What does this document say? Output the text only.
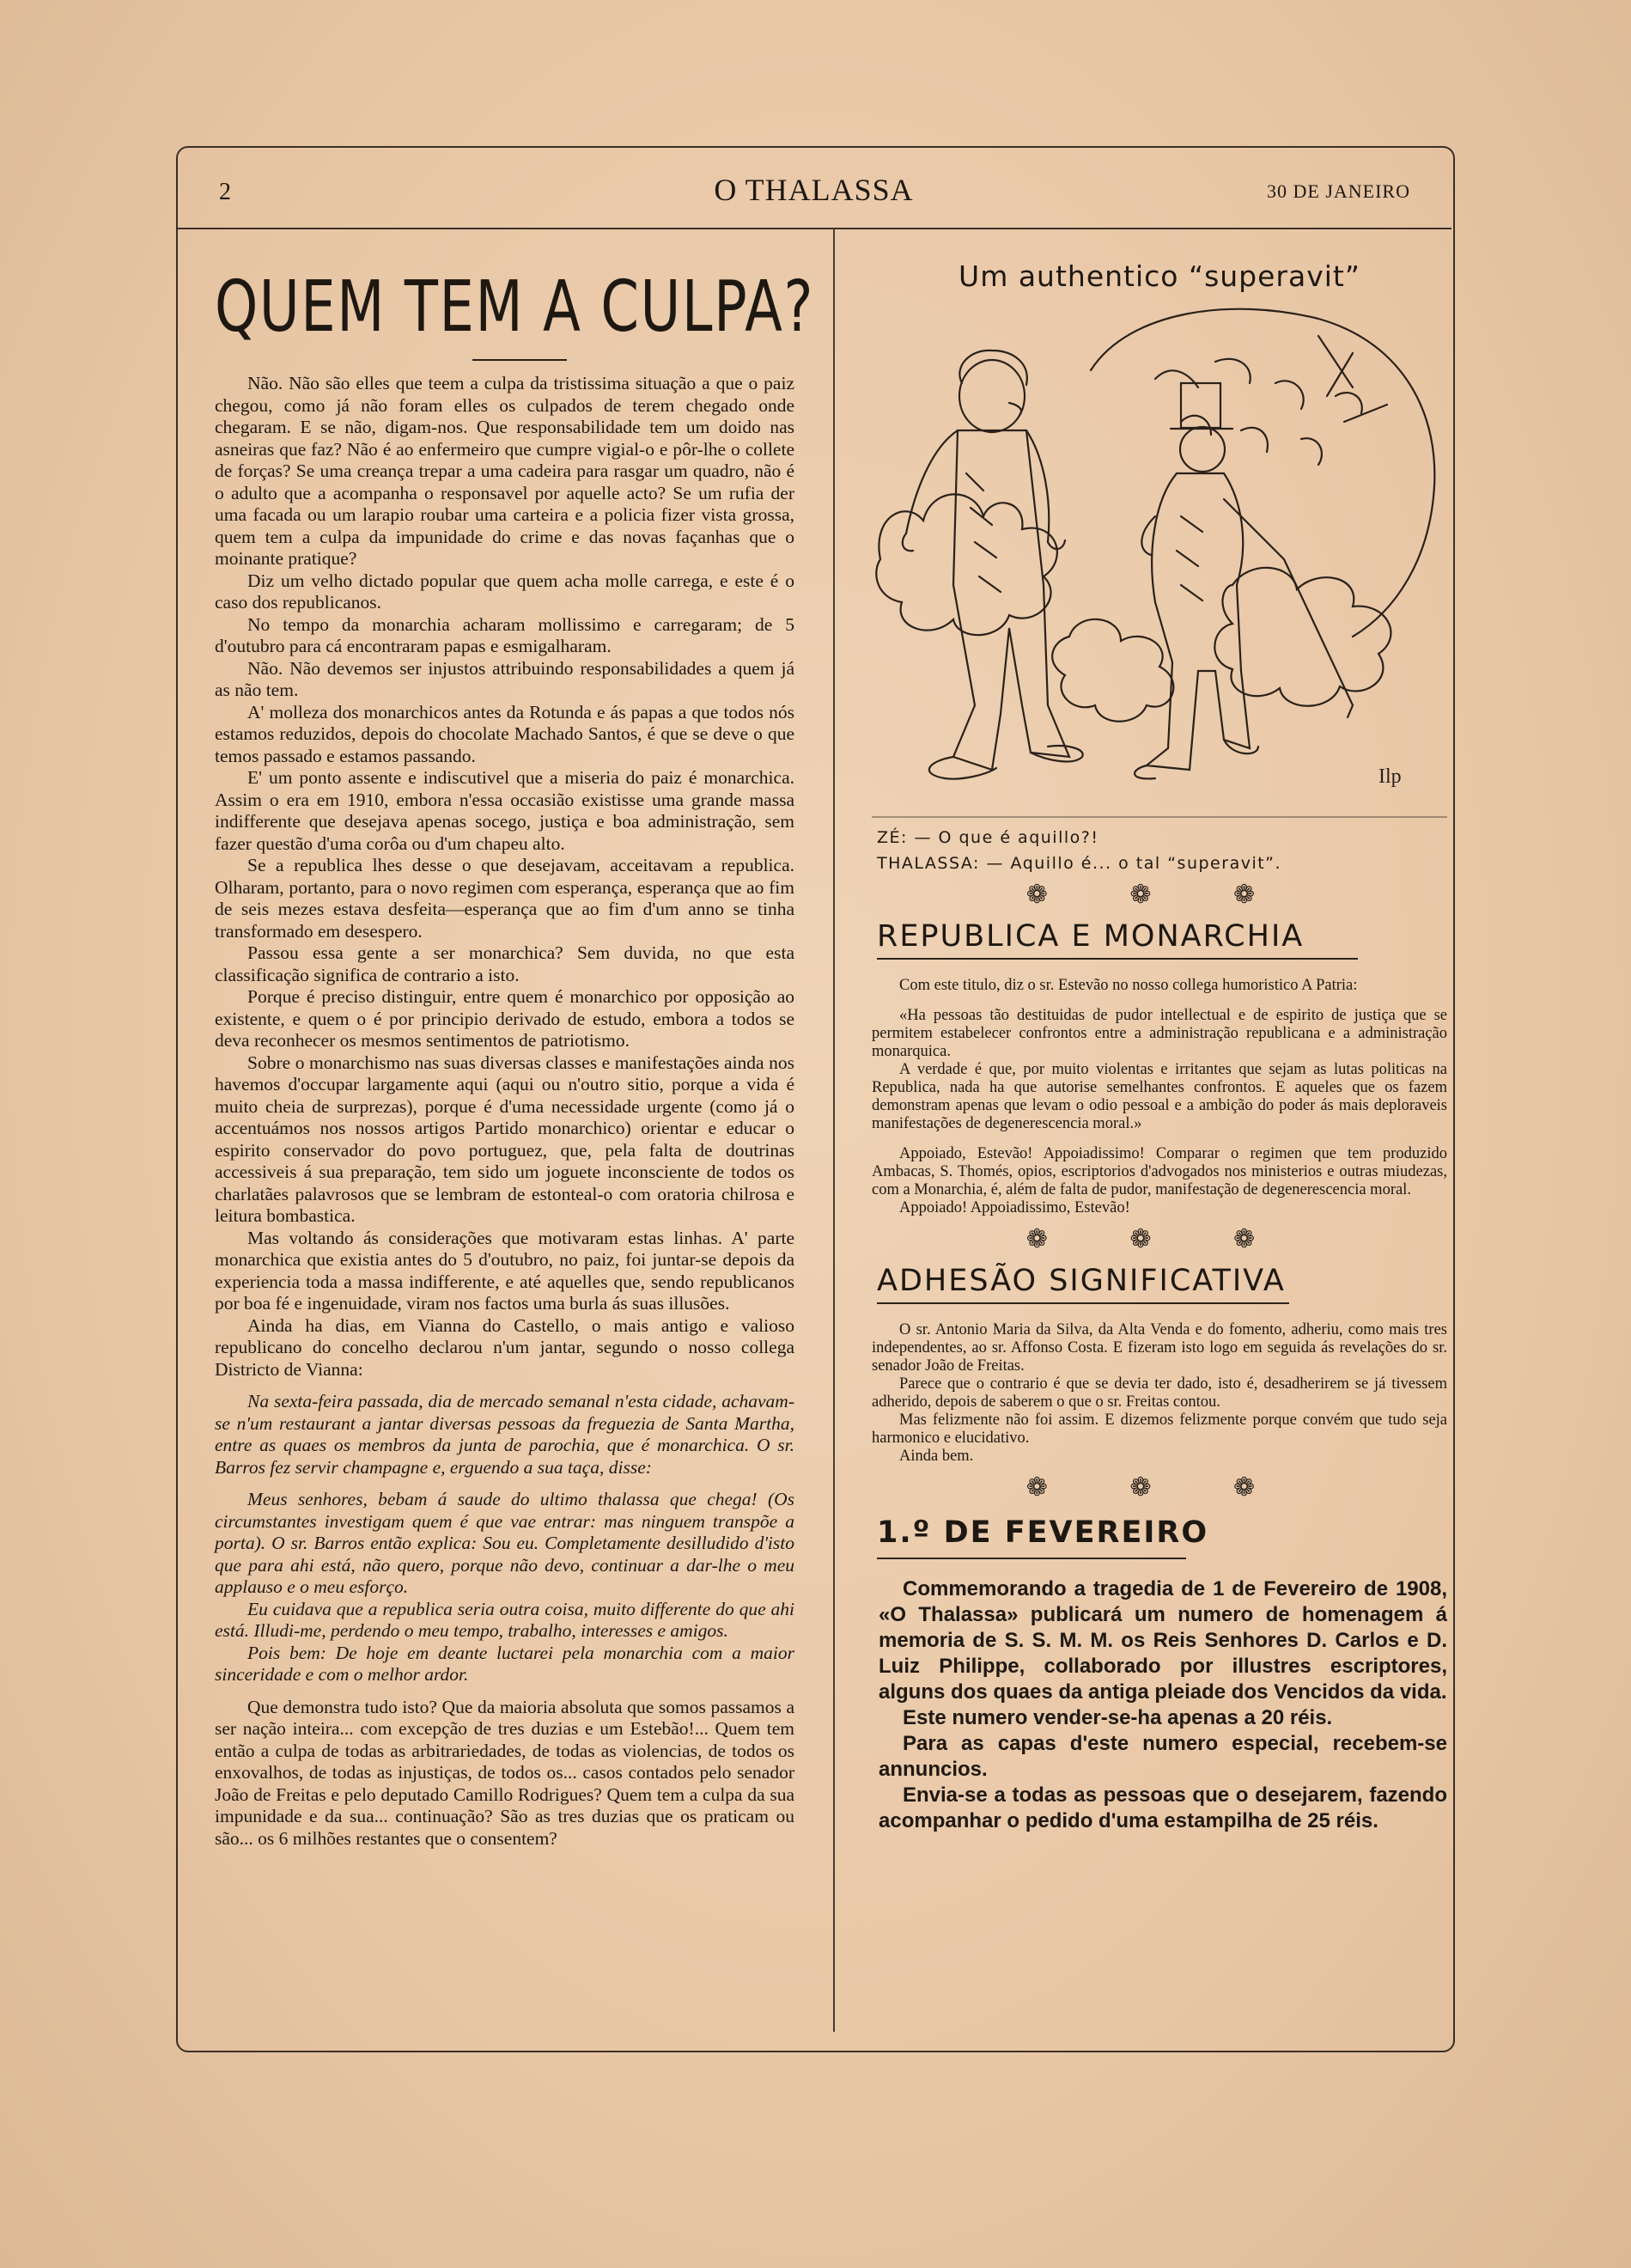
2	O THALASSA	30 DE JANEIRO
QUEM TEM A CULPA?

Não. Não são elles que teem a culpa da tristissima situação a que o paiz chegou, como já não foram elles os culpados de terem chegado onde chegaram. E se não, digam-nos. Que responsabilidade tem um doido nas asneiras que faz? Não é ao enfermeiro que cumpre vigial-o e pôr-lhe o collete de forças? Se uma creança trepar a uma cadeira para rasgar um quadro, não é o adulto que a acompanha o responsavel por aquelle acto? Se um rufia der uma facada ou um larapio roubar uma carteira e a policia fizer vista grossa, quem tem a culpa da impunidade do crime e das novas façanhas que o moinante pratique?

Diz um velho dictado popular que quem acha molle carrega, e este é o caso dos republicanos.

No tempo da monarchia acharam mollissimo e carregaram; de 5 d'outubro para cá encontraram papas e esmigalharam.

Não. Não devemos ser injustos attribuindo responsabilidades a quem já as não tem.

A' molleza dos monarchicos antes da Rotunda e ás papas a que todos nós estamos reduzidos, depois do chocolate Machado Santos, é que se deve o que temos passado e estamos passando.

E' um ponto assente e indiscutivel que a miseria do paiz é monarchica. Assim o era em 1910, embora n'essa occasião existisse uma grande massa indifferente que desejava apenas socego, justiça e boa administração, sem fazer questão d'uma corôa ou d'um chapeu alto.

Se a republica lhes desse o que desejavam, acceitavam a republica. Olharam, portanto, para o novo regimen com esperança, esperança que ao fim de seis mezes estava desfeita—esperança que ao fim d'um anno se tinha transformado em desespero.

Passou essa gente a ser monarchica? Sem duvida, no que esta classificação significa de contrario a isto.

Porque é preciso distinguir, entre quem é monarchico por opposição ao existente, e quem o é por principio derivado de estudo, embora a todos se deva reconhecer os mesmos sentimentos de patriotismo.

Sobre o monarchismo nas suas diversas classes e manifestações ainda nos havemos d'occupar largamente aqui (aqui ou n'outro sitio, porque a vida é muito cheia de surprezas), porque é d'uma necessidade urgente (como já o accentuámos nos nossos artigos Partido monarchico) orientar e educar o espirito conservador do povo portuguez, que, pela falta de doutrinas accessiveis á sua preparação, tem sido um joguete inconsciente de todos os charlatães palavrosos que se lembram de estonteal-o com oratoria chilrosa e leitura bombastica.

Mas voltando ás considerações que motivaram estas linhas. A' parte monarchica que existia antes do 5 d'outubro, no paiz, foi juntar-se depois da experiencia toda a massa indifferente, e até aquelles que, sendo republicanos por boa fé e ingenuidade, viram nos factos uma burla ás suas illusões.

Ainda ha dias, em Vianna do Castello, o mais antigo e valioso republicano do concelho declarou n'um jantar, segundo o nosso collega Districto de Vianna:

Na sexta-feira passada, dia de mercado semanal n'esta cidade, achavam-se n'um restaurant a jantar diversas pessoas da freguezia de Santa Martha, entre as quaes os membros da junta de parochia, que é monarchica. O sr. Barros fez servir champagne e, erguendo a sua taça, disse:

Meus senhores, bebam á saude do ultimo thalassa que chega! (Os circumstantes investigam quem é que vae entrar: mas ninguem transpõe a porta). O sr. Barros então explica: Sou eu. Completamente desilludido d'isto que para ahi está, não quero, porque não devo, continuar a dar-lhe o meu applauso e o meu esforço.

Eu cuidava que a republica seria outra coisa, muito differente do que ahi está. Illudi-me, perdendo o meu tempo, trabalho, interesses e amigos.

Pois bem: De hoje em deante luctarei pela monarchia com a maior sinceridade e com o melhor ardor.

Que demonstra tudo isto? Que da maioria absoluta que somos passamos a ser nação inteira... com excepção de tres duzias e um Estebão!... Quem tem então a culpa de todas as arbitrariedades, de todas as violencias, de todos os enxovalhos, de todas as injustiças, de todos os... casos contados pelo senador João de Freitas e pelo deputado Camillo Rodrigues? Quem tem a culpa da sua impunidade e da sua... continuação? São as tres duzias que os praticam ou são... os 6 milhões restantes que o consentem?

Um authentico “superavit”
Ilp
ZÉ: — O que é aquillo?!
THALASSA: — Aquillo é... o tal “superavit”.
❁ ❁ ❁
REPUBLICA E MONARCHIA

Com este titulo, diz o sr. Estevão no nosso collega humoristico A Patria:

«Ha pessoas tão destituidas de pudor intellectual e de espirito de justiça que se permitem estabelecer confrontos entre a administração republicana e a administração monarquica.

A verdade é que, por muito violentas e irritantes que sejam as lutas politicas na Republica, nada ha que autorise semelhantes confrontos. E aqueles que os fazem demonstram apenas que levam o odio pessoal e a ambição do poder ás mais deploraveis manifestações de degenerescencia moral.»

Appoiado, Estevão! Appoiadissimo! Comparar o regimen que tem produzido Ambacas, S. Thomés, opios, escriptorios d'advogados nos ministerios e outras miudezas, com a Monarchia, é, além de falta de pudor, manifestação de degenerescencia moral.

Appoiado! Appoiadissimo, Estevão!

❁ ❁ ❁
ADHESÃO SIGNIFICATIVA

O sr. Antonio Maria da Silva, da Alta Venda e do fomento, adheriu, como mais tres independentes, ao sr. Affonso Costa. E fizeram isto logo em seguida ás revelações do sr. senador João de Freitas.

Parece que o contrario é que se devia ter dado, isto é, desadherirem se já tivessem adherido, depois de saberem o que o sr. Freitas contou.

Mas felizmente não foi assim. E dizemos felizmente porque convém que tudo seja harmonico e elucidativo.

Ainda bem.

❁ ❁ ❁
1.º DE FEVEREIRO

Commemorando a tragedia de 1 de Fevereiro de 1908, «O Thalassa» publicará um numero de homenagem á memoria de S. S. M. M. os Reis Senhores D. Carlos e D. Luiz Philippe, collaborado por illustres escriptores, alguns dos quaes da antiga pleiade dos Vencidos da vida.

Este numero vender-se-ha apenas a 20 réis.

Para as capas d'este numero especial, recebem-se annuncios.

Envia-se a todas as pessoas que o desejarem, fazendo acompanhar o pedido d'uma estampilha de 25 réis.
